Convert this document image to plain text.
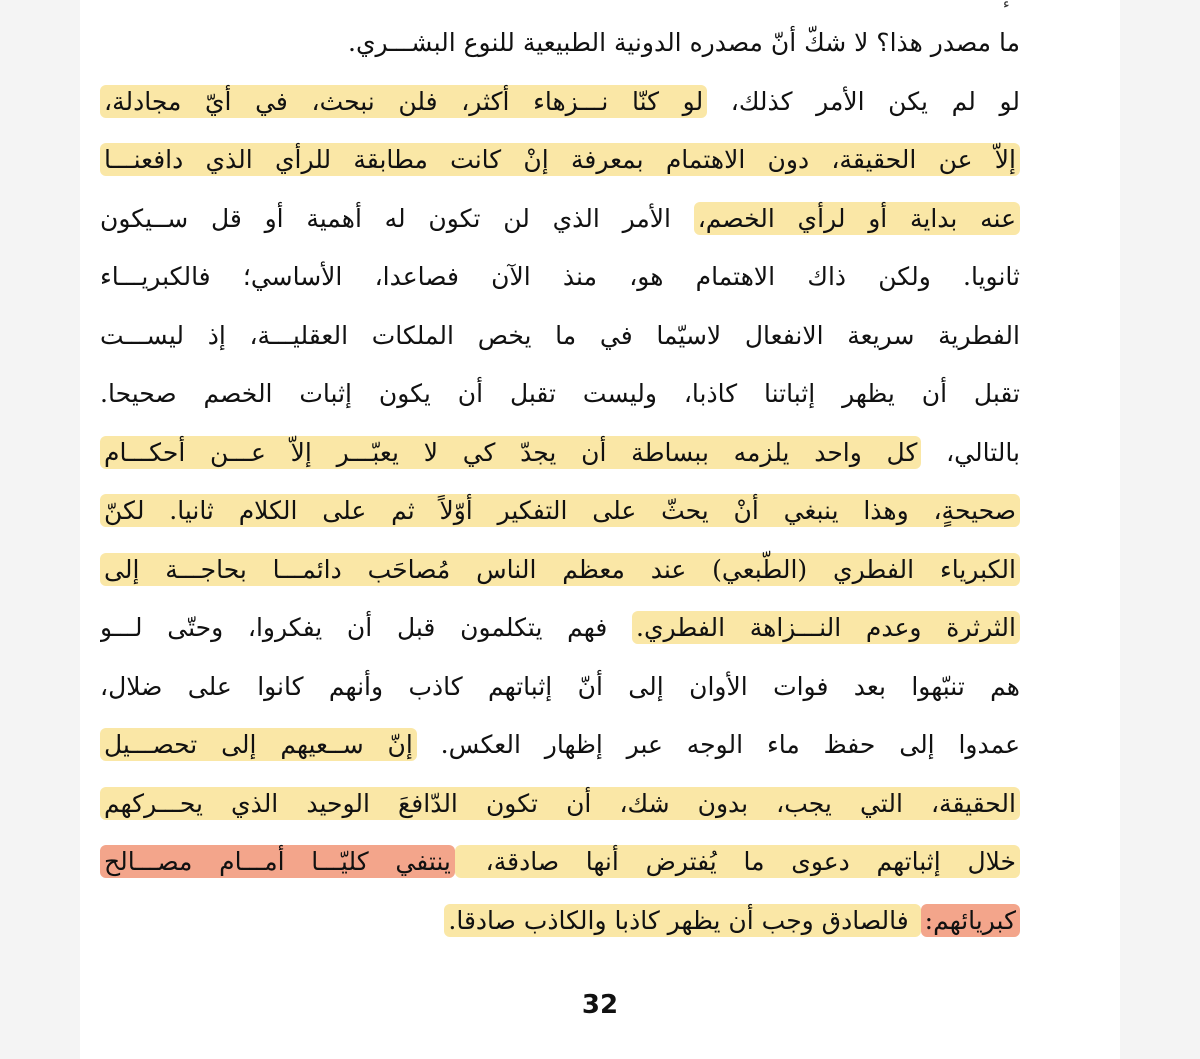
ء
ما مصدر هذا؟ لا شكّ أنّ مصدره الدونية الطبيعية للنوع البشـــري.
لو لم يكن الأمر كذلك، لو كنّا نـــزهاء أكثر، فلن نبحث، في أيّ مجادلة،
إلاّ عن الحقيقة، دون الاهتمام بمعرفة إنْ كانت مطابقة للرأي الذي دافعنـــا
عنه بداية أو لرأي الخصم، الأمر الذي لن تكون له أهمية أو قل ســيكون
ثانويا. ولكن ذاك الاهتمام هو، منذ الآن فصاعدا، الأساسي؛ فالكبريـــاء
الفطرية سريعة الانفعال لاسيّما في ما يخص الملكات العقليـــة، إذ ليســـت
تقبل أن يظهر إثباتنا كاذبا، وليست تقبل أن يكون إثبات الخصم صحيحا.
بالتالي، كل واحد يلزمه ببساطة أن يجدّ كي لا يعبّـــر إلاّ عـــن أحكـــام
صحيحةٍ، وهذا ينبغي أنْ يحثّ على التفكير أوّلاً ثم على الكلام ثانيا. لكنّ
الكبرياء الفطري (الطّبعي) عند معظم الناس مُصاحَب دائمـــا بحاجـــة إلى
الثرثرة وعدم النـــزاهة الفطري. فهم يتكلمون قبل أن يفكروا، وحتّى لـــو
هم تنبّهوا بعد فوات الأوان إلى أنّ إثباتهم كاذب وأنهم كانوا على ضلال،
عمدوا إلى حفظ ماء الوجه عبر إظهار العكس. إنّ ســعيهم إلى تحصـــيل
الحقيقة، التي يجب، بدون شك، أن تكون الدّافعَ الوحيد الذي يحـــركهم
خلال إثباتهم دعوى ما يُفترض أنها صادقة، ينتفي كليّـــا أمـــام مصـــالح
كبريائهم: فالصادق وجب أن يظهر كاذبا والكاذب صادقا.
32
